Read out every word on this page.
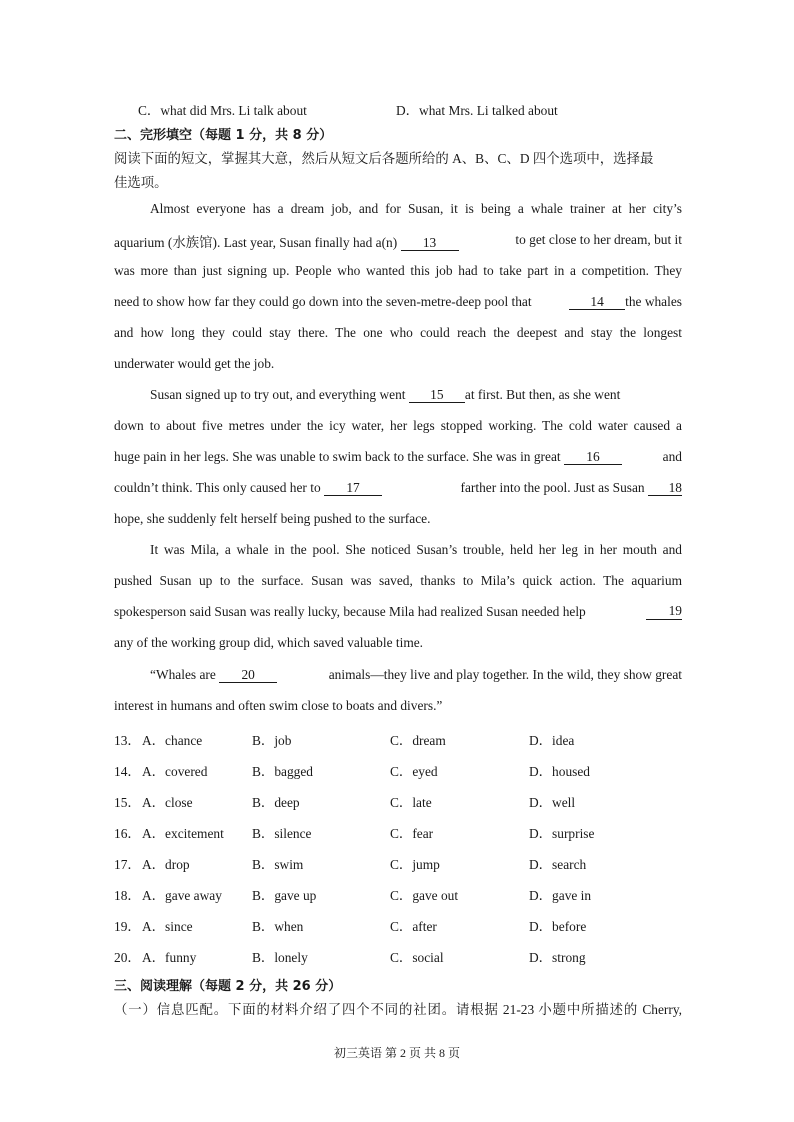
C．what did Mrs. Li talk about	D．what Mrs. Li talked about
二、完形填空（每题 1 分，共 8 分）
阅读下面的短文，掌握其大意，然后从短文后各题所给的 A、B、C、D 四个选项中，选择最
佳选项。
Almost everyone has a dream job, and for Susan, it is being a whale trainer at her city’s
aquarium (水族馆). Last year, Susan finally had a(n) 13	to get close to her dream, but it
was more than just signing up. People who wanted this job had to take part in a competition. They
need to show how far they could go down into the seven-metre-deep pool that	14 the whales
and how long they could stay there. The one who could reach the deepest and stay the longest
underwater would get the job.
Susan signed up to try out, and everything went 15 at first. But then, as she went
down to about five metres under the icy water, her legs stopped working. The cold water caused a
huge pain in her legs. She was unable to swim back to the surface. She was in great 16	and
couldn’t think. This only caused her to 17	farther into the pool. Just as Susan 18
hope, she suddenly felt herself being pushed to the surface.
It was Mila, a whale in the pool. She noticed Susan’s trouble, held her leg in her mouth and
pushed Susan up to the surface. Susan was saved, thanks to Mila’s quick action. The aquarium
spokesperson said Susan was really lucky, because Mila had realized Susan needed help	19
any of the working group did, which saved valuable time.
“Whales are 20	animals—they live and play together. In the wild, they show great
interest in humans and often swim close to boats and divers.”
13． A．chance	B．job	C．dream	D．idea
14． A．covered	B．bagged	C．eyed	D．housed
15． A．close	B．deep	C．late	D．well
16． A．excitement B．silence	C．fear	D．surprise
17． A．drop	B．swim	C．jump	D．search
18． A．gave away B．gave up	C．gave out	D．gave in
19． A．since	B．when	C．after	D．before
20． A．funny	B．lonely	C．social	D．strong
三、阅读理解（每题 2 分，共 26 分）
（一）信息匹配。下面的材料介绍了四个不同的社团。请根据 21-23 小题中所描述的 Cherry,
初三英语 第 2 页 共 8 页
